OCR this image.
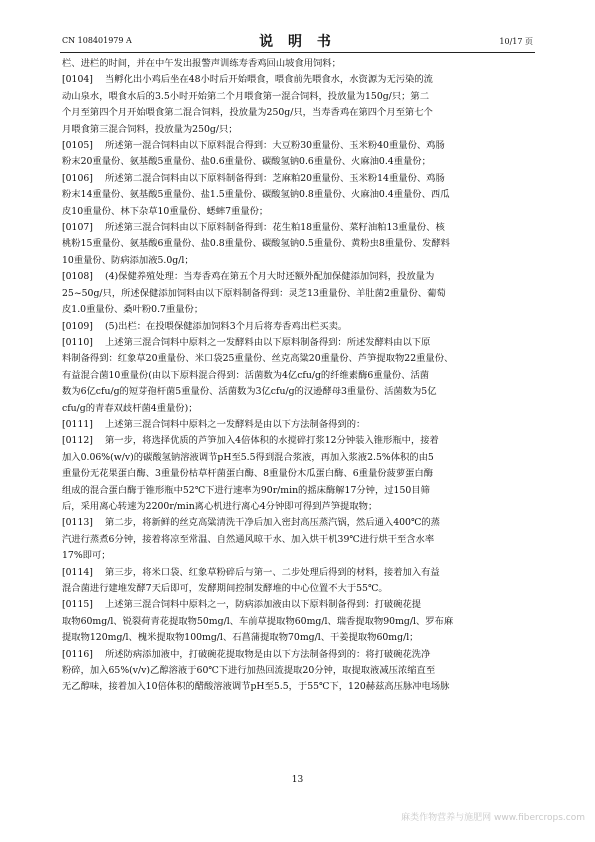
CN 108401979 A	说 明 书	10/17 页

栏、进栏的时间，并在中午发出报警声训练寿香鸡回山坡食用饲料；

[0104]	当孵化出小鸡后坐在48小时后开始喂食，喂食前先喂食水，水资源为无污染的流
动山泉水，喂食水后的3.5小时开始第二个月喂食第一混合饲料，投放量为150g/只；第二
个月至第四个月开始喂食第二混合饲料，投放量为250g/只，当寿香鸡在第四个月至第七个
月喂食第三混合饲料，投放量为250g/只；

[0105]	所述第一混合饲料由以下原料混合得到：大豆粉30重量份、玉米粉40重量份、鸡肠
粉末20重量份、氨基酸5重量份、盐0.6重量份、碳酸氢钠0.6重量份、火麻油0.4重量份；

[0106]	所述第二混合饲料由以下原料制备得到：芝麻粕20重量份、玉米粉14重量份、鸡肠
粉末14重量份、氨基酸5重量份、盐1.5重量份、碳酸氢钠0.8重量份、火麻油0.4重量份、西瓜
皮10重量份、林下杂草10重量份、蟋蟀7重量份；

[0107]	所述第三混合饲料由以下原料制备得到：花生粕18重量份、菜籽油粕13重量份、核
桃粉15重量份、氨基酸6重量份、盐0.8重量份、碳酸氢钠0.5重量份、黄粉虫8重量份、发酵料
10重量份、防病添加液5.0g/l；

[0108]	(4)保健养殖处理：当寿香鸡在第五个月大时还额外配加保健添加饲料，投放量为
25~50g/只，所述保健添加饲料由以下原料制备得到：灵芝13重量份、羊肚菌2重量份、葡萄
皮1.0重量份、桑叶粉0.7重量份；

[0109]	(5)出栏：在投喂保健添加饲料3个月后将寿香鸡出栏买卖。

[0110]	上述第三混合饲料中原料之一发酵料由以下原料制备得到：所述发酵料由以下原
料制备得到：红象草20重量份、米口袋25重量份、丝克高粱20重量份、芦笋提取物22重量份、
有益混合菌10重量份(由以下原料混合得到：活菌数为4亿cfu/g的纤维素酶6重量份、活菌
数为6亿cfu/g的短芽孢杆菌5重量份、活菌数为3亿cfu/g的汉逊酵母3重量份、活菌数为5亿
cfu/g的青春双歧杆菌4重量份)；

[0111]	上述第三混合饲料中原料之一发酵料是由以下方法制备得到的：

[0112]	第一步，将选择优质的芦笋加入4倍体积的水搅碎打浆12分钟装入锥形瓶中，接着
加入0.06%(w/v)的碳酸氢钠溶液调节pH至5.5得到混合浆液，再加入浆液2.5%体积的由5
重量份无花果蛋白酶、3重量份枯草杆菌蛋白酶、8重量份木瓜蛋白酶、6重量份菠萝蛋白酶
组成的混合蛋白酶于锥形瓶中52℃下进行速率为90r/min的摇床酶解17分钟，过150目筛
后，采用离心转速为2200r/min离心机进行离心4分钟即可得到芦笋提取物；

[0113]	第二步，将新鲜的丝克高粱清洗干净后加入密封高压蒸汽锅，然后通入400℃的蒸
汽进行蒸煮6分钟，接着将凉至常温、自然通风晾干水、加入烘干机39℃进行烘干至含水率
17%即可；

[0114]	第三步，将米口袋、红象草粉碎后与第一、二步处理后得到的材料，接着加入有益
混合菌进行建堆发酵7天后即可，发酵期间控制发酵堆的中心位置不大于55℃。

[0115]	上述第三混合饲料中原料之一，防病添加液由以下原料制备得到：打破碗花提
取物60mg/l、锐裂荷青花提取物50mg/l、车前草提取物60mg/l、瑞香提取物90mg/l、罗布麻
提取物120mg/l、槐米提取物100mg/l、石菖蒲提取物70mg/l、干姜提取物60mg/l；

[0116]	所述防病添加液中，打破碗花提取物是由以下方法制备得到的：将打破碗花洗净
粉碎，加入65%(v/v)乙醇溶液于60℃下进行加热回流提取20分钟，取提取液减压浓缩直至
无乙醇味，接着加入10倍体积的醋酸溶液调节pH至5.5，于55℃下，120赫兹高压脉冲电场脉

13
麻类作物营养与施肥网 www.fibercrops.com
